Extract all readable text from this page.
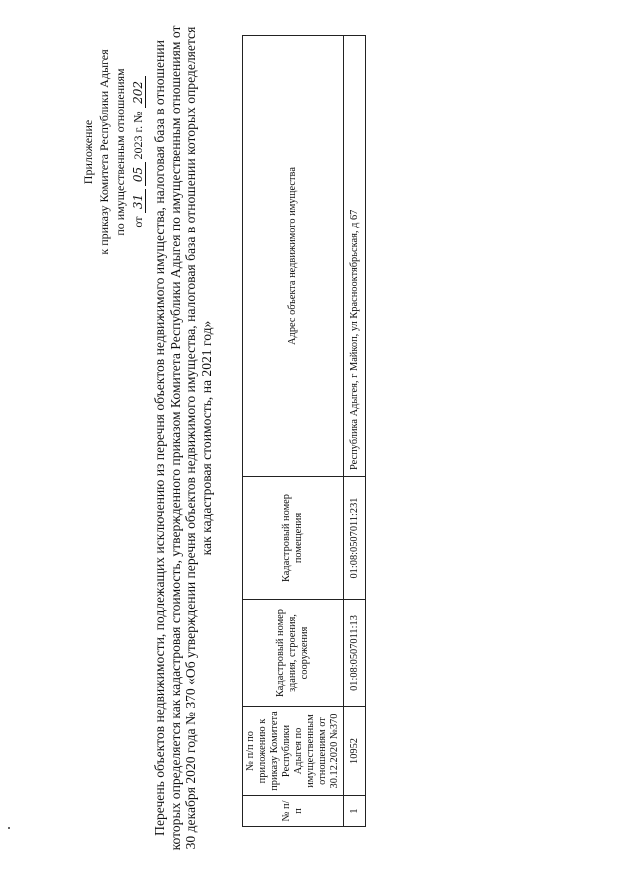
Приложение к приказу Комитета Республики Адыгея по имущественным отношениям от 31 05 2023 г. № 202 Перечень объектов недвижимости, подлежащих исключению из перечня объектов недвижимого имущества, налоговая база в отношении которых определяется как кадастровая стоимость, утвержденного приказом Комитета Республики Адыгея по имущественным отношениям от 30 декабря 2020 года № 370 «Об утверждении перечня объектов недвижимого имущества, налоговая база в отношении которых определяется как кадастровая стоимость, на 2021 год»
№ п/п	№ п/п по приложению к приказу Комитета Республики Адыгея по имущественным отношениям от 30.12.2020 №370	Кадастровый номер здания, строения, сооружения	Кадастровый номер помещения	Адрес объекта недвижимого имущества
1	10952	01:08:0507011:13	01:08:0507011:231	Республика Адыгея, г Майкоп, ул Краснооктябрьская, д 67
